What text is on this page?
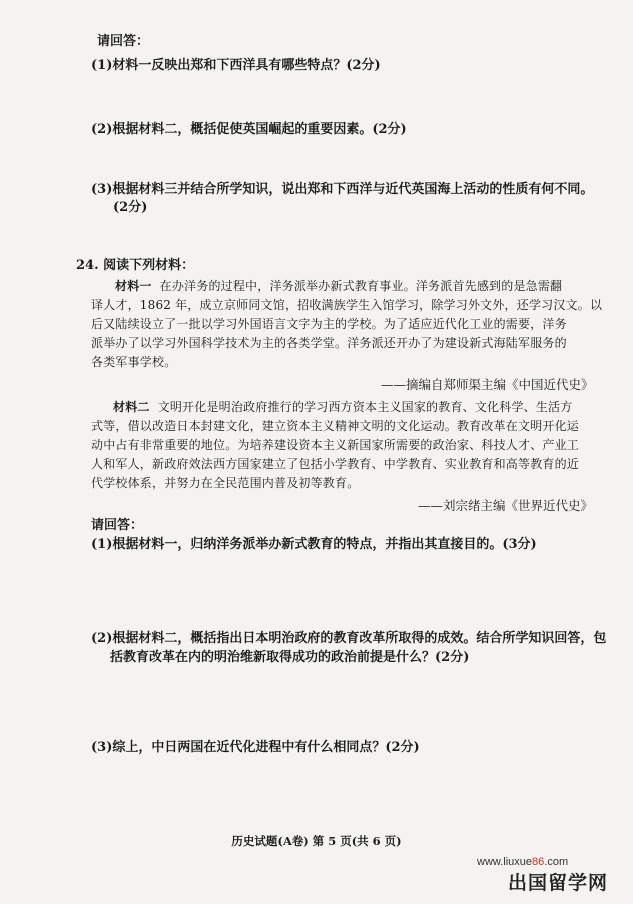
请回答：
(1)材料一反映出郑和下西洋具有哪些特点？(2分)
(2)根据材料二，概括促使英国崛起的重要因素。(2分)
(3)根据材料三并结合所学知识，说出郑和下西洋与近代英国海上活动的性质有何不同。
(2分)
24. 阅读下列材料：
材料一 在办洋务的过程中，洋务派举办新式教育事业。洋务派首先感到的是急需翻
译人才，1862 年，成立京师同文馆，招收满族学生入馆学习，除学习外文外，还学习汉文。以
后又陆续设立了一批以学习外国语言文字为主的学校。为了适应近代化工业的需要，洋务
派举办了以学习外国科学技术为主的各类学堂。洋务派还开办了为建设新式海陆军服务的
各类军事学校。
——摘编自郑师渠主编《中国近代史》
材料二 文明开化是明治政府推行的学习西方资本主义国家的教育、文化科学、生活方
式等，借以改造日本封建文化，建立资本主义精神文明的文化运动。教育改革在文明开化运
动中占有非常重要的地位。为培养建设资本主义新国家所需要的政治家、科技人才、产业工
人和军人，新政府效法西方国家建立了包括小学教育、中学教育、实业教育和高等教育的近
代学校体系，并努力在全民范围内普及初等教育。
——刘宗绪主编《世界近代史》
请回答：
(1)根据材料一，归纳洋务派举办新式教育的特点，并指出其直接目的。(3分)
(2)根据材料二，概括指出日本明治政府的教育改革所取得的成效。结合所学知识回答，包
括教育改革在内的明治维新取得成功的政治前提是什么？(2分)
(3)综上，中日两国在近代化进程中有什么相同点？(2分)
历史试题(A卷) 第 5 页(共 6 页)
www.liuxue86.com
出国留学网
